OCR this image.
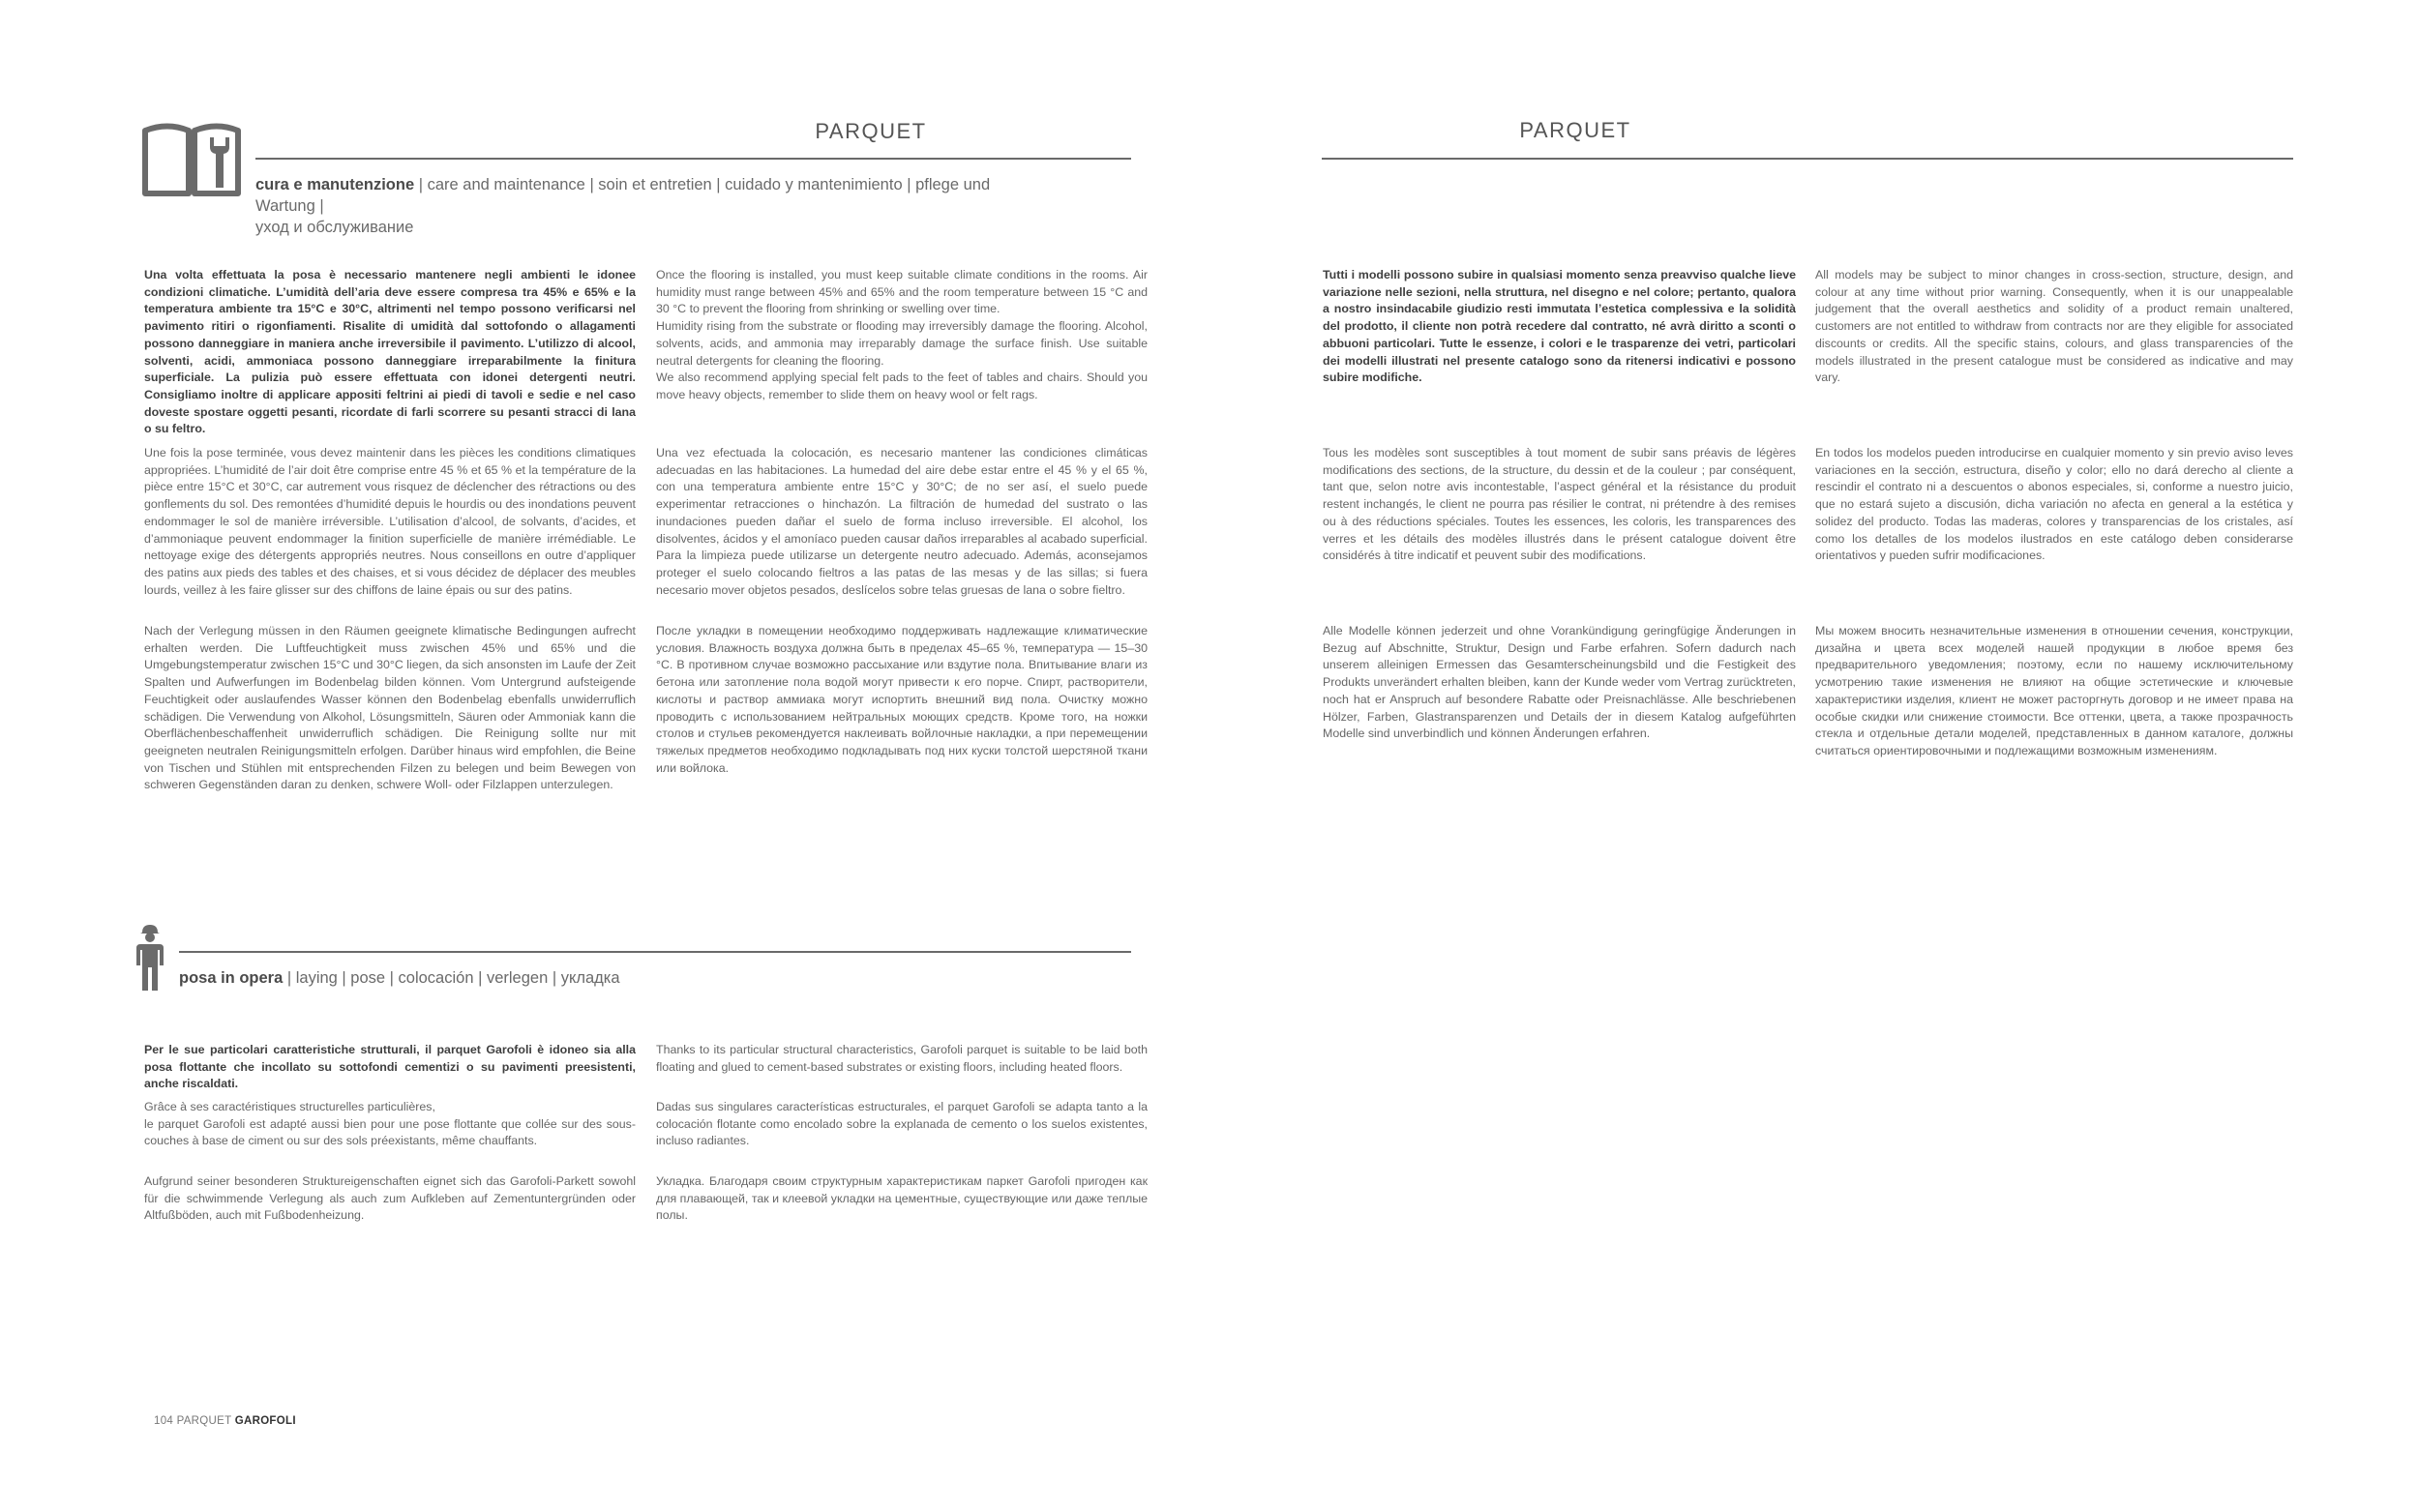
PARQUET
cura e manutenzione | care and maintenance | soin et entretien | cuidado y mantenimiento | pflege und Wartung |
уход и обслуживание

Una volta effettuata la posa è necessario mantenere negli ambienti le idonee condizioni climatiche. L’umidità dell’aria deve essere compresa tra 45% e 65% e la temperatura ambiente tra 15°C e 30°C, altrimenti nel tempo possono verificarsi nel pavimento ritiri o rigonfiamenti. Risalite di umidità dal sottofondo o allagamenti possono danneggiare in maniera anche irreversibile il pavimento. L’utilizzo di alcool, solventi, acidi, ammoniaca possono danneggiare irreparabilmente la finitura superficiale. La pulizia può essere effettuata con idonei detergenti neutri. Consigliamo inoltre di applicare appositi feltrini ai piedi di tavoli e sedie e nel caso doveste spostare oggetti pesanti, ricordate di farli scorrere su pesanti stracci di lana o su feltro.

Once the flooring is installed, you must keep suitable climate conditions in the rooms. Air humidity must range between 45% and 65% and the room temperature between 15 °C and 30 °C to prevent the flooring from shrinking or swelling over time.
Humidity rising from the substrate or flooding may irreversibly damage the flooring. Alcohol, solvents, acids, and ammonia may irreparably damage the surface finish. Use suitable neutral detergents for cleaning the flooring.
We also recommend applying special felt pads to the feet of tables and chairs. Should you move heavy objects, remember to slide them on heavy wool or felt rags.

Une fois la pose terminée, vous devez maintenir dans les pièces les conditions climatiques appropriées. L’humidité de l’air doit être comprise entre 45 % et 65 % et la température de la pièce entre 15°C et 30°C, car autrement vous risquez de déclencher des rétractions ou des gonflements du sol. Des remontées d’humidité depuis le hourdis ou des inondations peuvent endommager le sol de manière irréversible. L’utilisation d’alcool, de solvants, d’acides, et d’ammoniaque peuvent endommager la finition superficielle de manière irrémédiable. Le nettoyage exige des détergents appropriés neutres. Nous conseillons en outre d’appliquer des patins aux pieds des tables et des chaises, et si vous décidez de déplacer des meubles lourds, veillez à les faire glisser sur des chiffons de laine épais ou sur des patins.

Una vez efectuada la colocación, es necesario mantener las condiciones climáticas adecuadas en las habitaciones. La humedad del aire debe estar entre el 45 % y el 65 %, con una temperatura ambiente entre 15°C y 30°C; de no ser así, el suelo puede experimentar retracciones o hinchazón. La filtración de humedad del sustrato o las inundaciones pueden dañar el suelo de forma incluso irreversible. El alcohol, los disolventes, ácidos y el amoníaco pueden causar daños irreparables al acabado superficial. Para la limpieza puede utilizarse un detergente neutro adecuado. Además, aconsejamos proteger el suelo colocando fieltros a las patas de las mesas y de las sillas; si fuera necesario mover objetos pesados, deslícelos sobre telas gruesas de lana o sobre fieltro.

Nach der Verlegung müssen in den Räumen geeignete klimatische Bedingungen aufrecht erhalten werden. Die Luftfeuchtigkeit muss zwischen 45% und 65% und die Umgebungstemperatur zwischen 15°C und 30°C liegen, da sich ansonsten im Laufe der Zeit Spalten und Aufwerfungen im Bodenbelag bilden können. Vom Untergrund aufsteigende Feuchtigkeit oder auslaufendes Wasser können den Bodenbelag ebenfalls unwiderruflich schädigen. Die Verwendung von Alkohol, Lösungsmitteln, Säuren oder Ammoniak kann die Oberflächenbeschaffenheit unwiderruflich schädigen. Die Reinigung sollte nur mit geeigneten neutralen Reinigungsmitteln erfolgen. Darüber hinaus wird empfohlen, die Beine von Tischen und Stühlen mit entsprechenden Filzen zu belegen und beim Bewegen von schweren Gegenständen daran zu denken, schwere Woll- oder Filzlappen unterzulegen.

После укладки в помещении необходимо поддерживать надлежащие климатические условия. Влажность воздуха должна быть в пределах 45–65 %, температура — 15–30 °С. В противном случае возможно рассыхание или вздутие пола. Впитывание влаги из бетона или затопление пола водой могут привести к его порче. Спирт, растворители, кислоты и раствор аммиака могут испортить внешний вид пола. Очистку можно проводить с использованием нейтральных моющих средств. Кроме того, на ножки столов и стульев рекомендуется наклеивать войлочные накладки, а при перемещении тяжелых предметов необходимо подкладывать под них куски толстой шерстяной ткани или войлока.

posa in opera | laying | pose | colocación | verlegen | укладка

Per le sue particolari caratteristiche strutturali, il parquet Garofoli è idoneo sia alla posa flottante che incollato su sottofondi cementizi o su pavimenti preesistenti, anche riscaldati.

Thanks to its particular structural characteristics, Garofoli parquet is suitable to be laid both floating and glued to cement-based substrates or existing floors, including heated floors.

Grâce à ses caractéristiques structurelles particulières,
le parquet Garofoli est adapté aussi bien pour une pose flottante que collée sur des sous-couches à base de ciment ou sur des sols préexistants, même chauffants.

Dadas sus singulares características estructurales, el parquet Garofoli se adapta tanto a la colocación flotante como encolado sobre la explanada de cemento o los suelos existentes, incluso radiantes.

Aufgrund seiner besonderen Struktureigenschaften eignet sich das Garofoli-Parkett sowohl für die schwimmende Verlegung als auch zum Aufkleben auf Zementuntergründen oder Altfußböden, auch mit Fußbodenheizung.

Укладка. Благодаря своим структурным характеристикам паркет Garofoli пригоден как для плавающей, так и клеевой укладки на цементные, существующие или даже теплые полы.

104 PARQUET GAROFOLI
PARQUET

Tutti i modelli possono subire in qualsiasi momento senza preavviso qualche lieve variazione nelle sezioni, nella struttura, nel disegno e nel colore; pertanto, qualora a nostro insindacabile giudizio resti immutata l’estetica complessiva e la solidità del prodotto, il cliente non potrà recedere dal contratto, né avrà diritto a sconti o abbuoni particolari. Tutte le essenze, i colori e le trasparenze dei vetri, particolari dei modelli illustrati nel presente catalogo sono da ritenersi indicativi e possono subire modifiche.

All models may be subject to minor changes in cross-section, structure, design, and colour at any time without prior warning. Consequently, when it is our unappealable judgement that the overall aesthetics and solidity of a product remain unaltered, customers are not entitled to withdraw from contracts nor are they eligible for associated discounts or credits. All the specific stains, colours, and glass transparencies of the models illustrated in the present catalogue must be considered as indicative and may vary.

Tous les modèles sont susceptibles à tout moment de subir sans préavis de légères modifications des sections, de la structure, du dessin et de la couleur ; par conséquent, tant que, selon notre avis incontestable, l’aspect général et la résistance du produit restent inchangés, le client ne pourra pas résilier le contrat, ni prétendre à des remises ou à des réductions spéciales. Toutes les essences, les coloris, les transparences des verres et les détails des modèles illustrés dans le présent catalogue doivent être considérés à titre indicatif et peuvent subir des modifications.

En todos los modelos pueden introducirse en cualquier momento y sin previo aviso leves variaciones en la sección, estructura, diseño y color; ello no dará derecho al cliente a rescindir el contrato ni a descuentos o abonos especiales, si, conforme a nuestro juicio, que no estará sujeto a discusión, dicha variación no afecta en general a la estética y solidez del producto. Todas las maderas, colores y transparencias de los cristales, así como los detalles de los modelos ilustrados en este catálogo deben considerarse orientativos y pueden sufrir modificaciones.

Alle Modelle können jederzeit und ohne Vorankündigung geringfügige Änderungen in Bezug auf Abschnitte, Struktur, Design und Farbe erfahren. Sofern dadurch nach unserem alleinigen Ermessen das Gesamterscheinungsbild und die Festigkeit des Produkts unverändert erhalten bleiben, kann der Kunde weder vom Vertrag zurücktreten, noch hat er Anspruch auf besondere Rabatte oder Preisnachlässe. Alle beschriebenen Hölzer, Farben, Glastransparenzen und Details der in diesem Katalog aufgeführten Modelle sind unverbindlich und können Änderungen erfahren.

Мы можем вносить незначительные изменения в отношении сечения, конструкции, дизайна и цвета всех моделей нашей продукции в любое время без предварительного уведомления; поэтому, если по нашему исключительному усмотрению такие изменения не влияют на общие эстетические и ключевые характеристики изделия, клиент не может расторгнуть договор и не имеет права на особые скидки или снижение стоимости. Все оттенки, цвета, а также прозрачность стекла и отдельные детали моделей, представленных в данном каталоге, должны считаться ориентировочными и подлежащими возможным изменениям.
